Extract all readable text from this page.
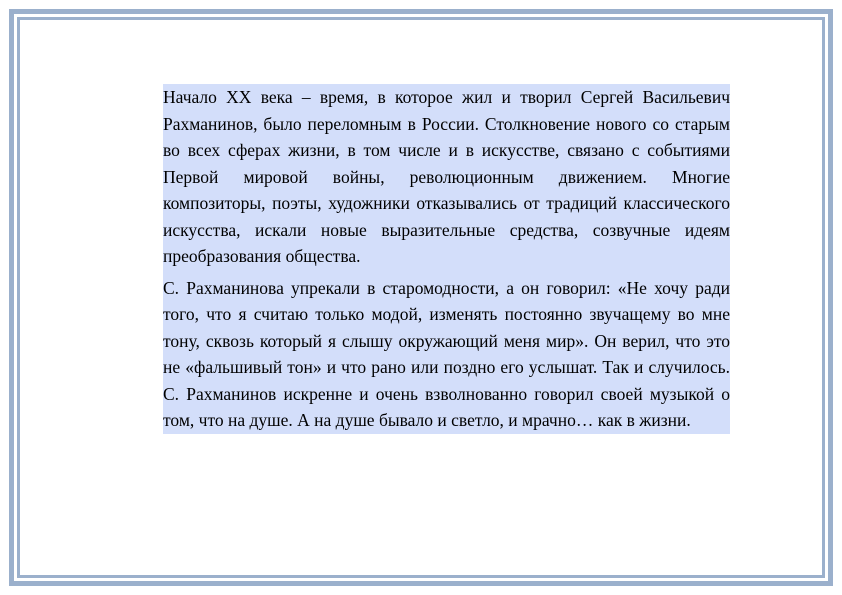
Начало XX века – время, в которое жил и творил Сергей Васильевич Рахманинов, было переломным в России. Столкновение нового со старым во всех сферах жизни, в том числе и в искусстве, связано с событиями Первой мировой войны, революционным движением. Многие композиторы, поэты, художники отказывались от традиций классического искусства, искали новые выразительные средства, созвучные идеям преобразования общества.

С. Рахманинова упрекали в старомодности, а он говорил: «Не хочу ради того, что я считаю только модой, изменять постоянно звучащему во мне тону, сквозь который я слышу окружающий меня мир». Он верил, что это не «фальшивый тон» и что рано или поздно его услышат. Так и случилось. С. Рахманинов искренне и очень взволнованно говорил своей музыкой о том, что на душе. А на душе бывало и светло, и мрачно… как в жизни.
